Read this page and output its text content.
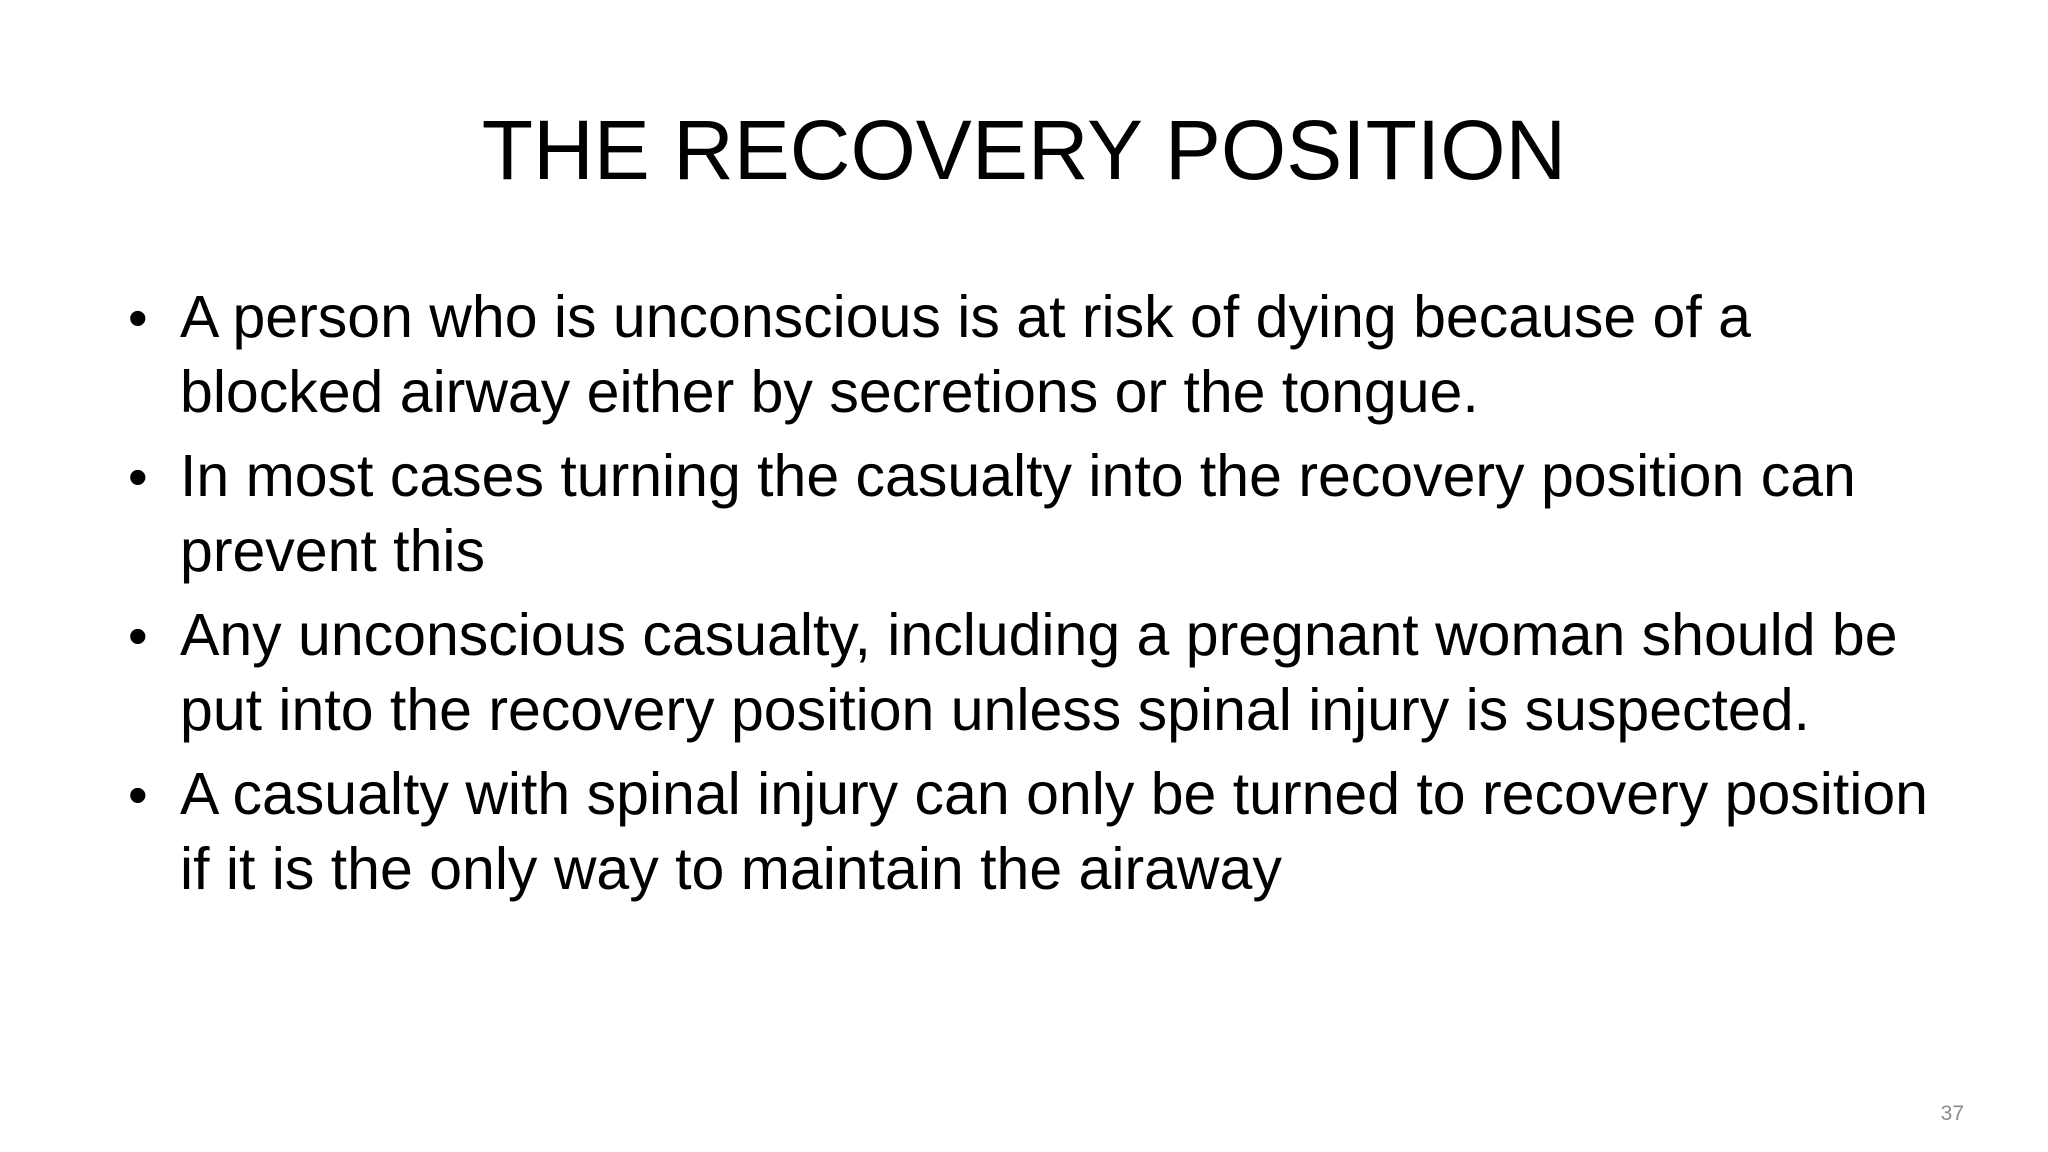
THE RECOVERY POSITION
• A person who is unconscious is at risk of dying because of a blocked airway either by secretions or the tongue.
• In most cases turning the casualty into the recovery position can prevent this
• Any unconscious casualty, including a pregnant woman should be put into the recovery position unless spinal injury is suspected.
• A casualty with spinal injury can only be turned to recovery position if it is the only way to maintain the airaway
37
